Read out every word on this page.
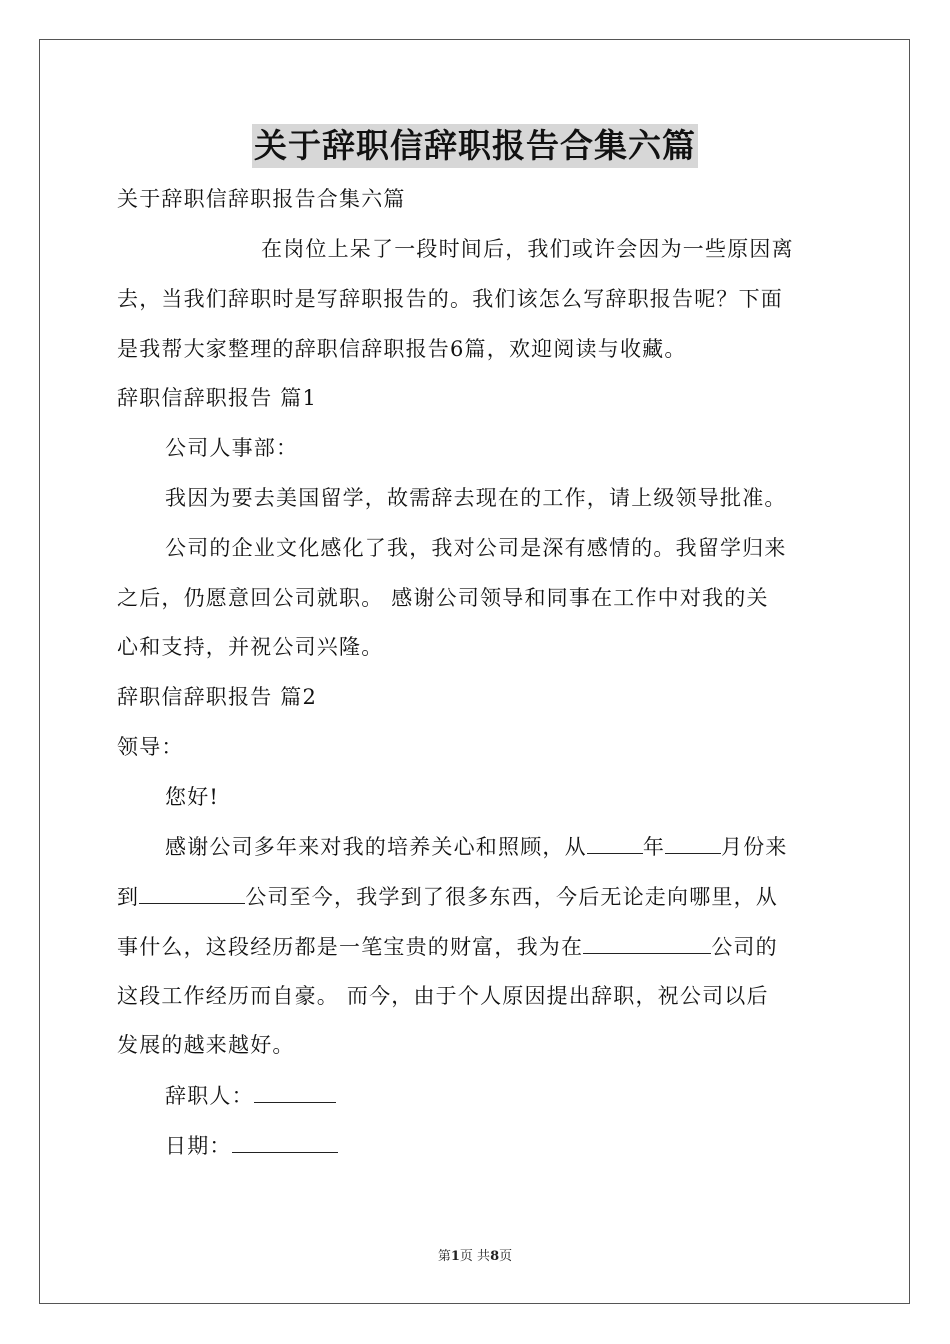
关于辞职信辞职报告合集六篇
关于辞职信辞职报告合集六篇
在岗位上呆了一段时间后，我们或许会因为一些原因离
去，当我们辞职时是写辞职报告的。我们该怎么写辞职报告呢？下面
是我帮大家整理的辞职信辞职报告6篇，欢迎阅读与收藏。
辞职信辞职报告 篇1
公司人事部：
我因为要去美国留学，故需辞去现在的工作，请上级领导批准。
公司的企业文化感化了我，我对公司是深有感情的。我留学归来
之后，仍愿意回公司就职。 感谢公司领导和同事在工作中对我的关
心和支持，并祝公司兴隆。
辞职信辞职报告 篇2
领导：
您好!
感谢公司多年来对我的培养关心和照顾，从	年	月份来
到	公司至今，我学到了很多东西，今后无论走向哪里，从
事什么，这段经历都是一笔宝贵的财富，我为在	公司的
这段工作经历而自豪。 而今，由于个人原因提出辞职，祝公司以后
发展的越来越好。
辞职人：
日期：
第1页 共8页
